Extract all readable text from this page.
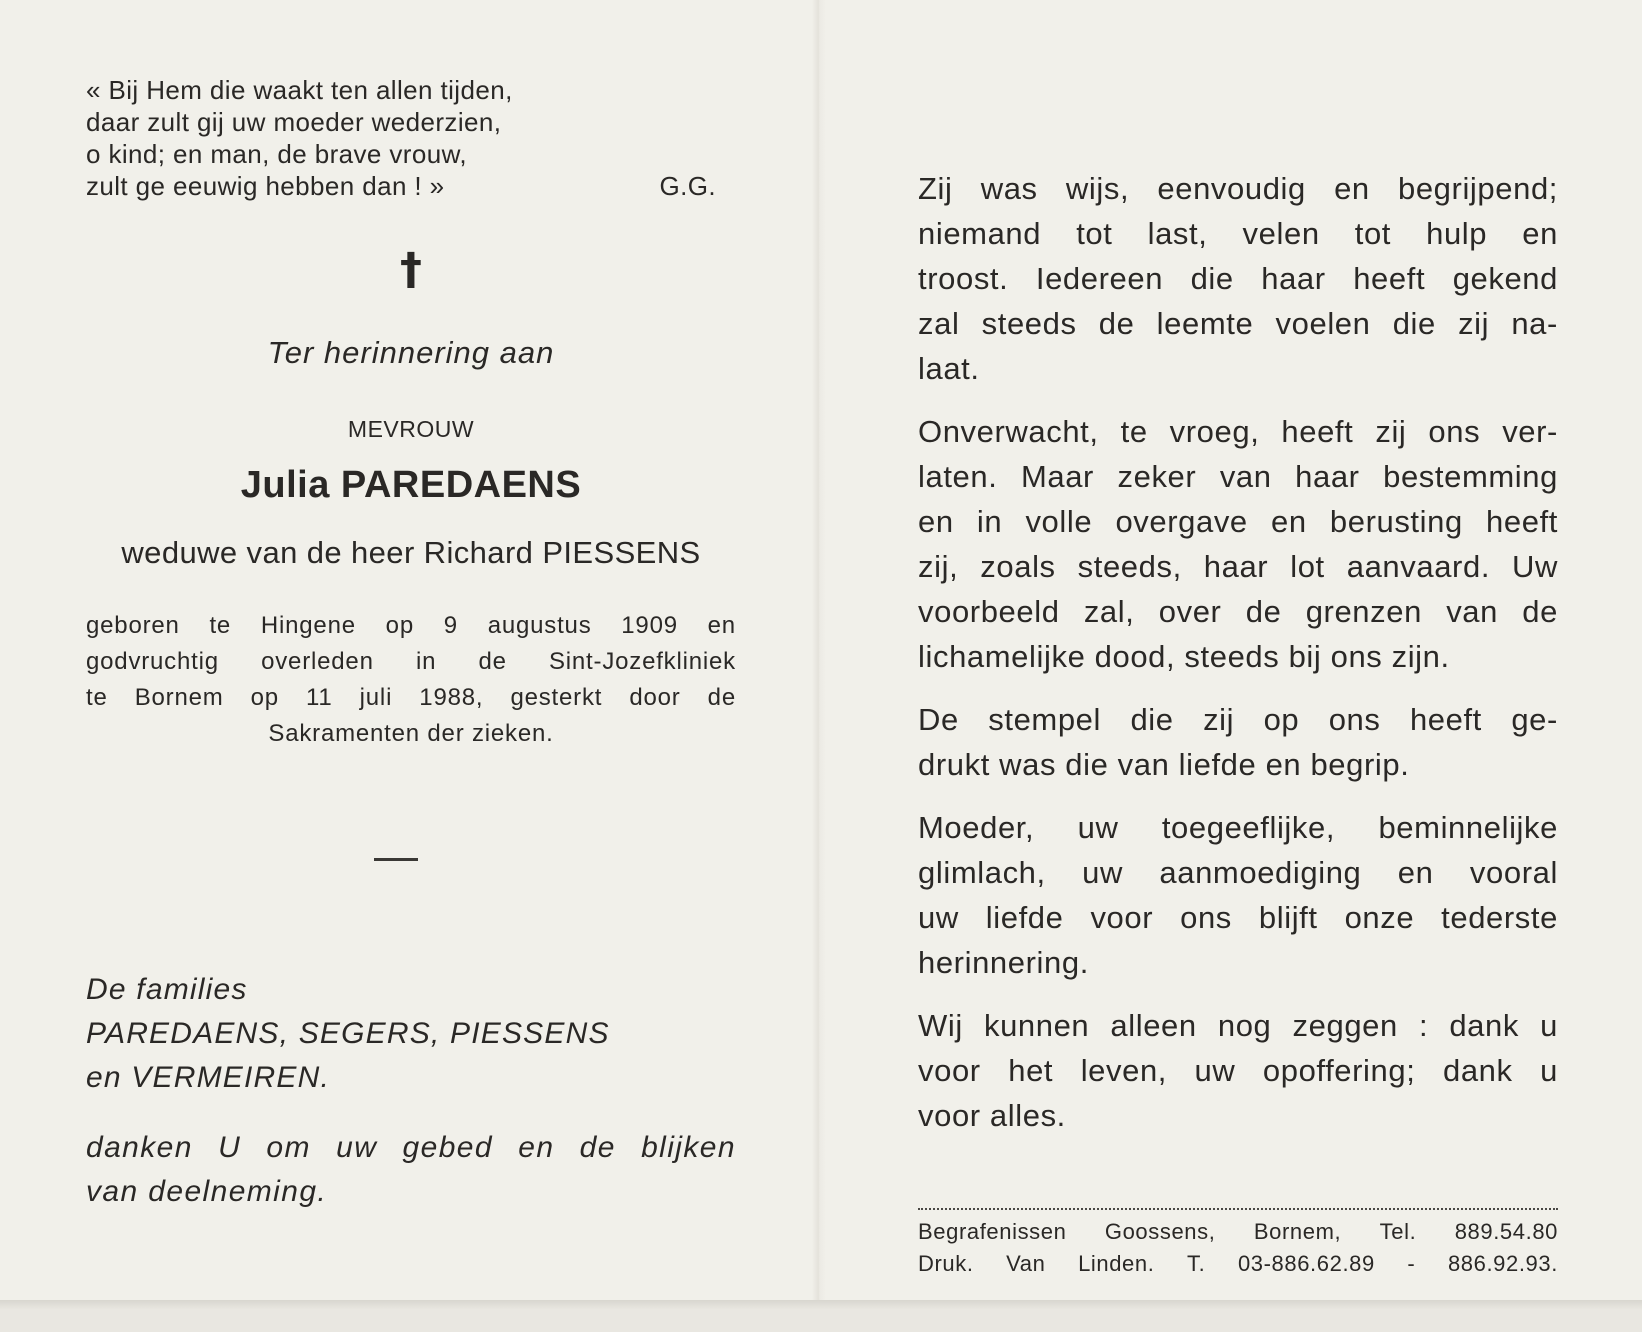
« Bij Hem die waakt ten allen tijden,
daar zult gij uw moeder wederzien,
o kind; en man, de brave vrouw,
zult ge eeuwig hebben dan ! »	G.G.
†
Ter herinnering aan
MEVROUW
Julia PAREDAENS
weduwe van de heer Richard PIESSENS
geboren te Hingene op 9 augustus 1909 en
godvruchtig overleden in de Sint-Jozefkliniek
te Bornem op 11 juli 1988, gesterkt door de
Sakramenten der zieken.
De families
PAREDAENS, SEGERS, PIESSENS
en VERMEIREN.
danken U om uw gebed en de blijken
van deelneming.
Zij was wijs, eenvoudig en begrijpend;
niemand tot last, velen tot hulp en
troost. Iedereen die haar heeft gekend
zal steeds de leemte voelen die zij na-
laat.
Onverwacht, te vroeg, heeft zij ons ver-
laten. Maar zeker van haar bestemming
en in volle overgave en berusting heeft
zij, zoals steeds, haar lot aanvaard. Uw
voorbeeld zal, over de grenzen van de
lichamelijke dood, steeds bij ons zijn.
De stempel die zij op ons heeft ge-
drukt was die van liefde en begrip.
Moeder, uw toegeeflijke, beminnelijke
glimlach, uw aanmoediging en vooral
uw liefde voor ons blijft onze tederste
herinnering.
Wij kunnen alleen nog zeggen : dank u
voor het leven, uw opoffering; dank u
voor alles.
Begrafenissen Goossens, Bornem, Tel. 889.54.80
Druk. Van Linden. T. 03-886.62.89 - 886.92.93.
